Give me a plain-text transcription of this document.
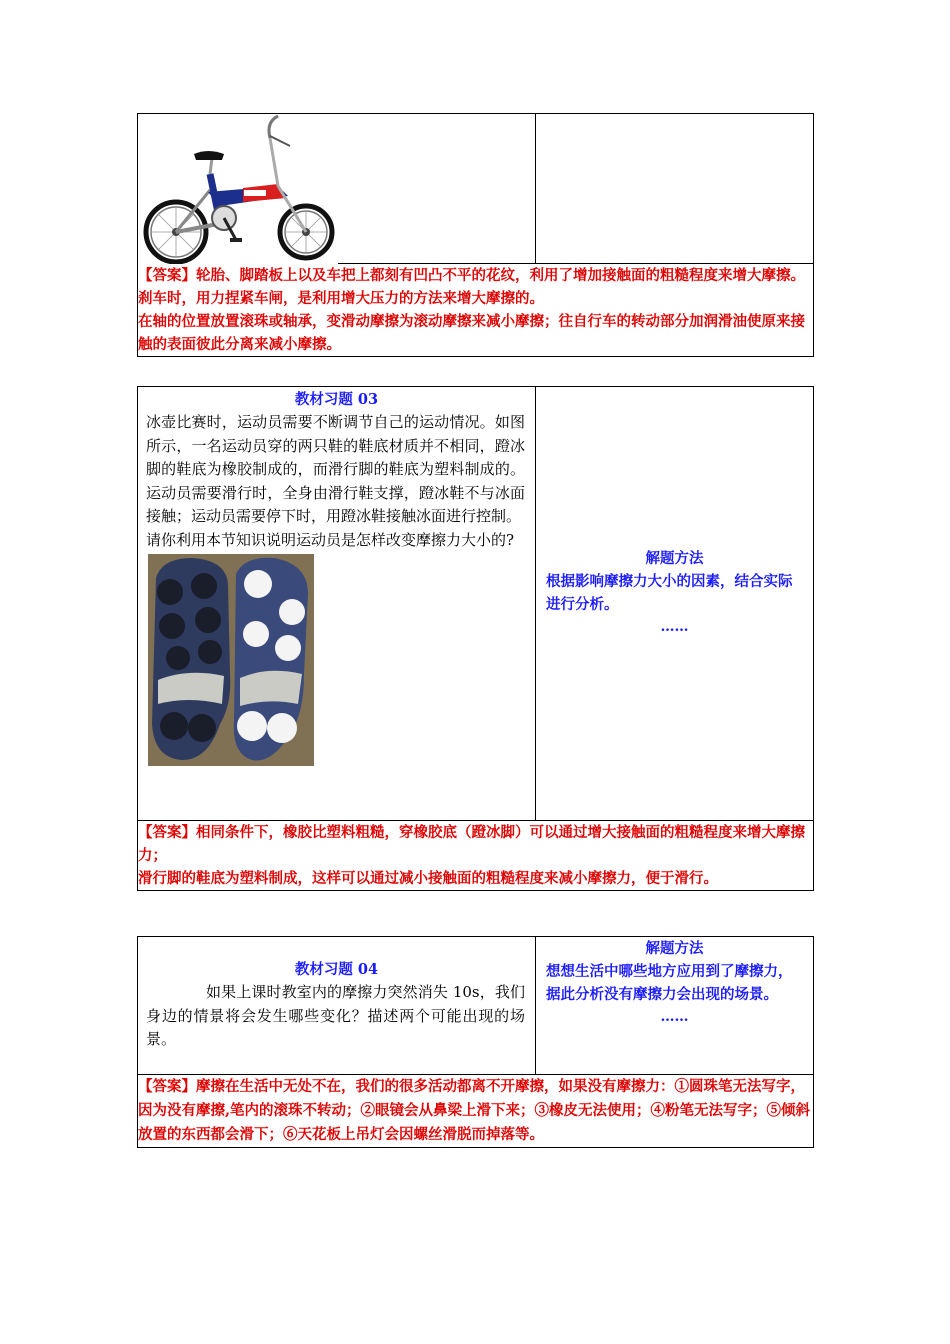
【答案】轮胎、脚踏板上以及车把上都刻有凹凸不平的花纹，利用了增加接触面的粗糙程度来增大摩擦。刹车时，用力捏紧车闸，是利用增大压力的方法来增大摩擦的。

在轴的位置放置滚珠或轴承，变滑动摩擦为滚动摩擦来减小摩擦；往自行车的转动部分加润滑油使原来接触的表面彼此分离来减小摩擦。

教材习题 03
冰壶比赛时，运动员需要不断调节自己的运动情况。如图所示，一名运动员穿的两只鞋的鞋底材质并不相同，蹬冰脚的鞋底为橡胶制成的，而滑行脚的鞋底为塑料制成的。运动员需要滑行时，全身由滑行鞋支撑，蹬冰鞋不与冰面接触；运动员需要停下时，用蹬冰鞋接触冰面进行控制。
请你利用本节知识说明运动员是怎样改变摩擦力大小的?

解题方法
根据影响摩擦力大小的因素，结合实际进行分析。
……

【答案】相同条件下，橡胶比塑料粗糙，穿橡胶底（蹬冰脚）可以通过增大接触面的粗糙程度来增大摩擦力；

滑行脚的鞋底为塑料制成，这样可以通过减小接触面的粗糙程度来减小摩擦力，便于滑行。

教材习题 04
如果上课时教室内的摩擦力突然消失 10s，我们身边的情景将会发生哪些变化？描述两个可能出现的场景。

解题方法
想想生活中哪些地方应用到了摩擦力，据此分析没有摩擦力会出现的场景。
……

【答案】摩擦在生活中无处不在，我们的很多活动都离不开摩擦，如果没有摩擦力：①圆珠笔无法写字，因为没有摩擦,笔内的滚珠不转动；②眼镜会从鼻梁上滑下来；③橡皮无法使用；④粉笔无法写字；⑤倾斜放置的东西都会滑下；⑥天花板上吊灯会因螺丝滑脱而掉落等。
